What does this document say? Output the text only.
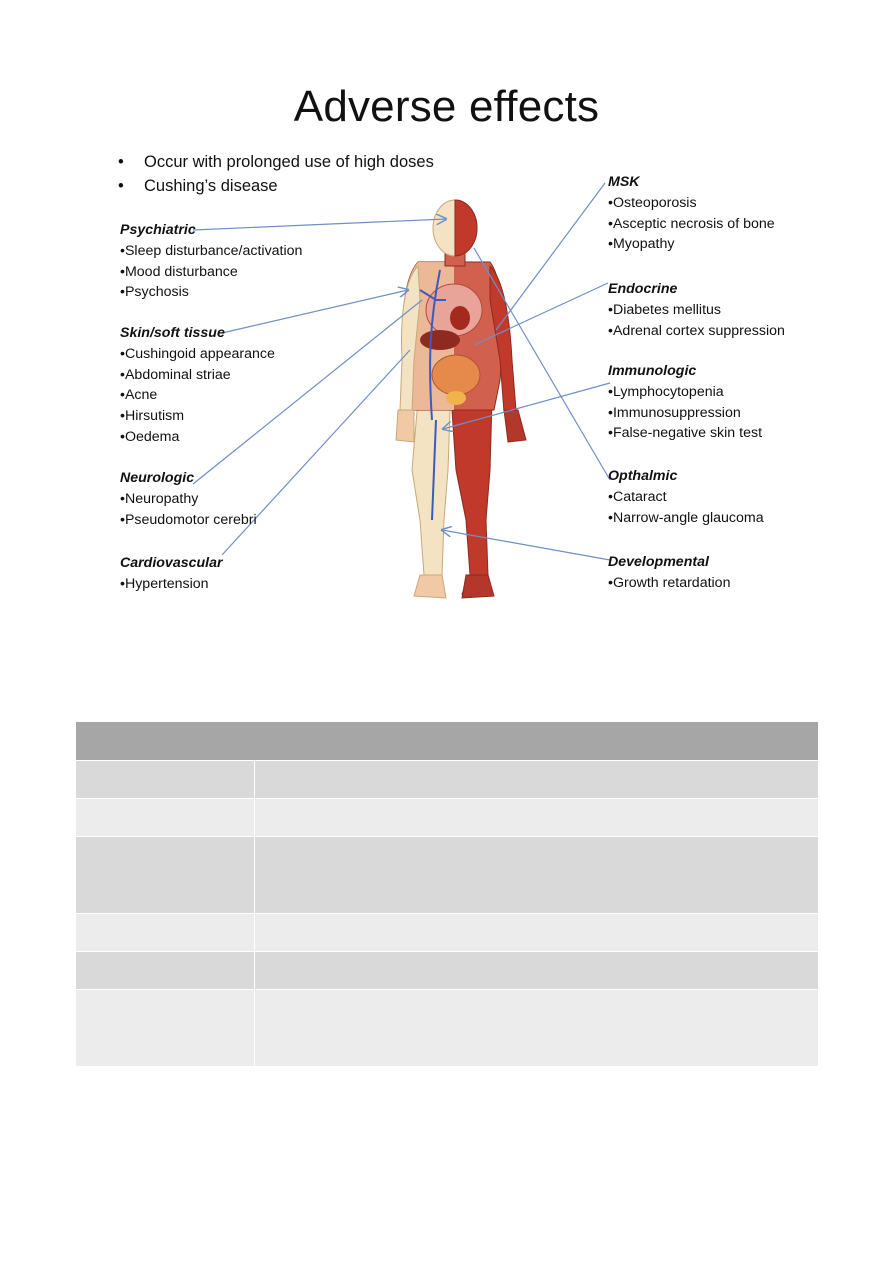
Adverse effects
• Occur with prolonged use of high doses
• Cushing’s disease
Psychiatric
• Sleep disturbance/activation
• Mood disturbance
• Psychosis
Skin/soft tissue
• Cushingoid appearance
• Abdominal striae
• Acne
• Hirsutism
• Oedema
Neurologic
• Neuropathy
• Pseudomotor cerebri
Cardiovascular
• Hypertension
MSK
• Osteoporosis
• Asceptic necrosis of bone
• Myopathy
Endocrine
• Diabetes mellitus
• Adrenal cortex suppression
Immunologic
• Lymphocytopenia
• Immunosuppression
• False-negative skin test
Opthalmic
• Cataract
• Narrow-angle glaucoma
Developmental
• Growth retardation
